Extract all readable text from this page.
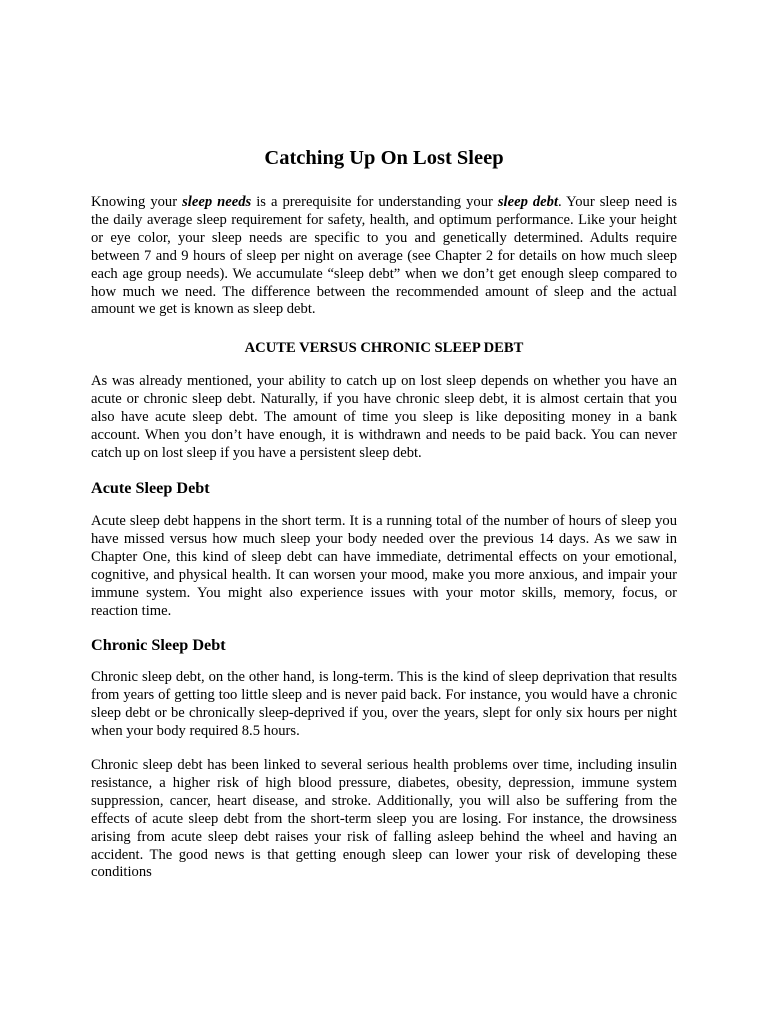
Catching Up On Lost Sleep

Knowing your sleep needs is a prerequisite for understanding your sleep debt. Your sleep need is the daily average sleep requirement for safety, health, and optimum performance. Like your height or eye color, your sleep needs are specific to you and genetically determined. Adults require between 7 and 9 hours of sleep per night on average (see Chapter 2 for details on how much sleep each age group needs). We accumulate “sleep debt” when we don’t get enough sleep compared to how much we need. The difference between the recommended amount of sleep and the actual amount we get is known as sleep debt.

ACUTE VERSUS CHRONIC SLEEP DEBT

As was already mentioned, your ability to catch up on lost sleep depends on whether you have an acute or chronic sleep debt. Naturally, if you have chronic sleep debt, it is almost certain that you also have acute sleep debt. The amount of time you sleep is like depositing money in a bank account. When you don’t have enough, it is withdrawn and needs to be paid back. You can never catch up on lost sleep if you have a persistent sleep debt.

Acute Sleep Debt

Acute sleep debt happens in the short term. It is a running total of the number of hours of sleep you have missed versus how much sleep your body needed over the previous 14 days. As we saw in Chapter One, this kind of sleep debt can have immediate, detrimental effects on your emotional, cognitive, and physical health. It can worsen your mood, make you more anxious, and impair your immune system. You might also experience issues with your motor skills, memory, focus, or reaction time.

Chronic Sleep Debt

Chronic sleep debt, on the other hand, is long-term. This is the kind of sleep deprivation that results from years of getting too little sleep and is never paid back. For instance, you would have a chronic sleep debt or be chronically sleep-deprived if you, over the years, slept for only six hours per night when your body required 8.5 hours.

Chronic sleep debt has been linked to several serious health problems over time, including insulin resistance, a higher risk of high blood pressure, diabetes, obesity, depression, immune system suppression, cancer, heart disease, and stroke. Additionally, you will also be suffering from the effects of acute sleep debt from the short-term sleep you are losing. For instance, the drowsiness arising from acute sleep debt raises your risk of falling asleep behind the wheel and having an accident. The good news is that getting enough sleep can lower your risk of developing these conditions
